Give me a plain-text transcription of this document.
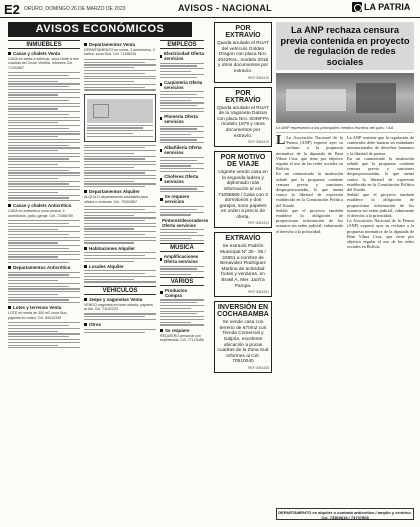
E2 ORURO, DOMINGO 26 DE MARZO DE 2023	AVISOS - NACIONAL	LA PATRIA
AVISOS ECONÓMICOS
INMUEBLES
Casas y chalets Venta
CASA en venta a estrenar, zona Norte a tres cuadras del Cruce Ventilla. Informes Cel. 71234567
Casas y chalets Anticrético
CASA en anticrético zona central, 3 dormitorios, patio, garaje. Cel. 72456789
Departamentos Anticrético
Lotes y terrenos Venta
LOTE en venta de 300 m2 zona Sud, papeles en orden. Cel. 69012345
Departamentos Venta
DEPARTAMENTO en venta, 3 dormitorios, 2 baños, zona Sud. Cel. 71198234
Departamentos Alquiler
ALQUILO departamento amoblado para oficina o vivienda. Cel. 73304567
Habitaciones Alquiler
Locales Alquiler
VEHÍCULOS
Jeeps y vagonetas Venta
VENDO vagoneta en buen estado, papeles al día. Cel. 71102233
Otros
EMPLEOS
Electricidad Oferta servicios
Carpintería Oferta servicios
Plomería Oferta servicios
Albañilería Oferta servicios
Choferes Oferta servicios
Se requiere servicios
Pintores/decoradores Oferta servicios
MÚSICA
Amplificaciones Oferta servicios
VARIOS
Productos Compra
Se requiere
REQUIERO personal con experiencia. Cel. 77123456
POR EXTRAVÍO

Queda anulado el RUAT del vehículo Golden Dragon con placa Nro. 4042RAL, modelo 2015 y otros documentos por extravío.

REF:3054316
POR EXTRAVÍO

Queda anulado el RUAT de la Vagoneta Datsun con placa Nro. 3049FPA modelo 1979 y otros documentos por extravío.

REF:3054319
POR MOTIVO DE VIAJE

Urgente vendo casa en la segunda ladera y diplomado más información al cel. 71055860 / Casa con 3 dormitorios y dos garajes, sono papeles en orden a precio de oferta.

REF:3054324
EXTRAVÍO

Se extravió Padrón Municipal Nº 30 - 05 / 22851 a nombre de Benavidez Rodríguez Martina de actividad frutas y verduras, en Brasil A, Mer. Jach'a Pampa.

REF:3054341
INVERSIÓN EN COCHABAMBA

Se vende casa con terreno de 670m2 con Tienda Comercial y Galpón, excelente ubicación a pocas cuadras de la Zona Sud Informes al Cel. 70510040

REF:3054338
La ANP rechaza censura previa contenida en proyecto de regulación de redes sociales
La ANP representa a los principales medios escritos del país. / AA
L La Asociación Nacional de la Prensa (ANP) expresó ayer su rechazo a la propuesta normativa de la diputada de Beni Vilma Cruz, que tiene por objetivo regular el uso de las redes sociales en Bolivia.
En un comunicado la institución señaló que la propuesta contiene censura previa y sanciones desproporcionadas, lo que atenta contra la libertad de expresión establecida en la Constitución Política del Estado.
Señaló que el proyecto también establece la obligación de proporcionar información de los usuarios sin orden judicial, vulnerando el derecho a la privacidad.
La ANP sostiene que la regulación de contenidos debe basarse en estándares internacionales de derechos humanos y la libertad de prensa.
En un comunicado la institución señaló que la propuesta contiene censura previa y sanciones desproporcionadas, lo que atenta contra la libertad de expresión establecida en la Constitución Política del Estado.
Señaló que el proyecto también establece la obligación de proporcionar información de los usuarios sin orden judicial, vulnerando el derecho a la privacidad.
La Asociación Nacional de la Prensa (ANP) expresó ayer su rechazo a la propuesta normativa de la diputada de Beni Vilma Cruz, que tiene por objetivo regular el uso de las redes sociales en Bolivia.
DEPARTAMENTO en alquiler o contrato anticrético / amplio y céntrico. Cel. 73369615 / 73707808
